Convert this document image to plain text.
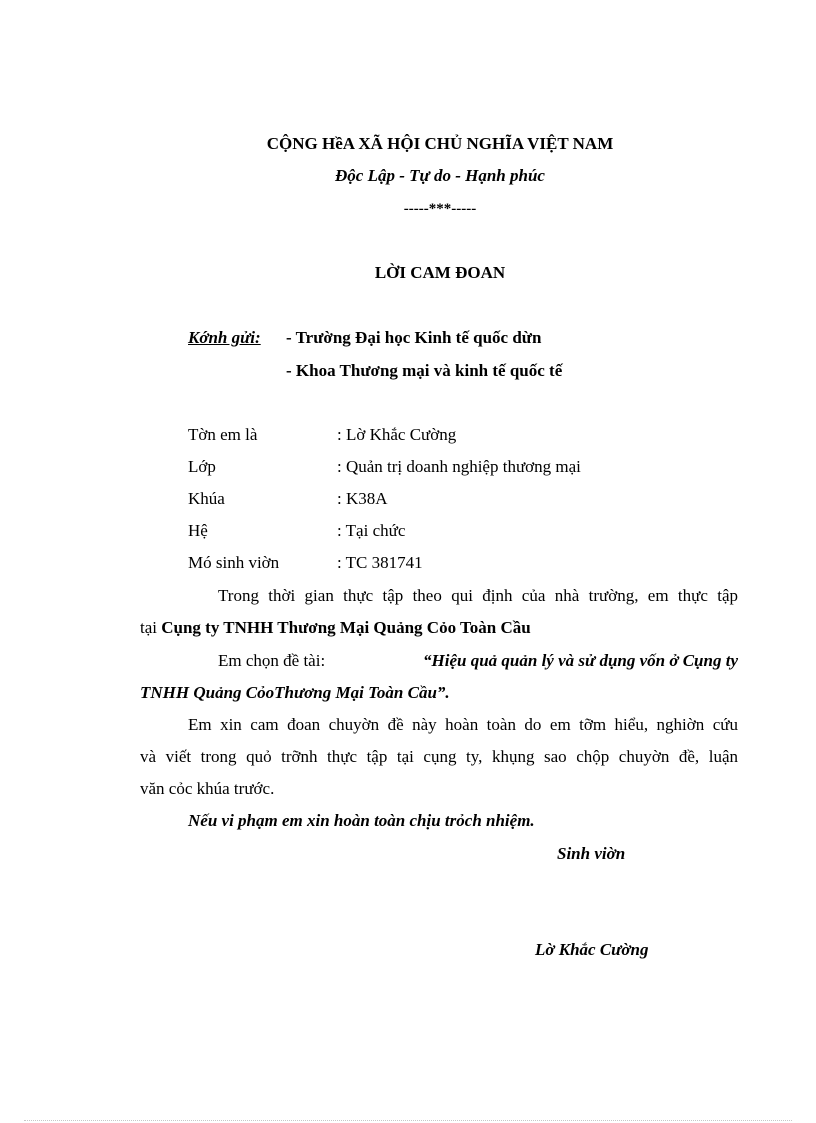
CỘNG HềA XÃ HỘI CHỦ NGHĨA VIỆT NAM
Độc Lập - Tự do - Hạnh phúc
-----***-----
LỜI CAM ĐOAN
Kớnh gửi: - Trường Đại học Kinh tế quốc dừn
- Khoa Thương mại và kinh tế quốc tế
Tờn em là	: Lờ Khắc Cường
Lớp	: Quản trị doanh nghiệp thương mại
Khúa	: K38A
Hệ	: Tại chức
Mó sinh viờn	: TC 381741
Trong thời gian thực tập theo qui định của nhà trường, em thực tập
tại Cụng ty TNHH Thương Mại Quảng Cỏo Toàn Cầu
Em chọn đề tài:	“Hiệu quả quản lý và sử dụng vốn ở Cụng ty
TNHH Quảng CỏoThương Mại Toàn Cầu”.
Em xin cam đoan chuyờn đề này hoàn toàn do em tỡm hiểu, nghiờn cứu
và viết trong quỏ trỡnh thực tập tại cụng ty, khụng sao chộp chuyờn đề, luận
văn cỏc khúa trước.
Nếu vi phạm em xin hoàn toàn chịu trỏch nhiệm.
Sinh viờn
Lờ Khắc Cường
